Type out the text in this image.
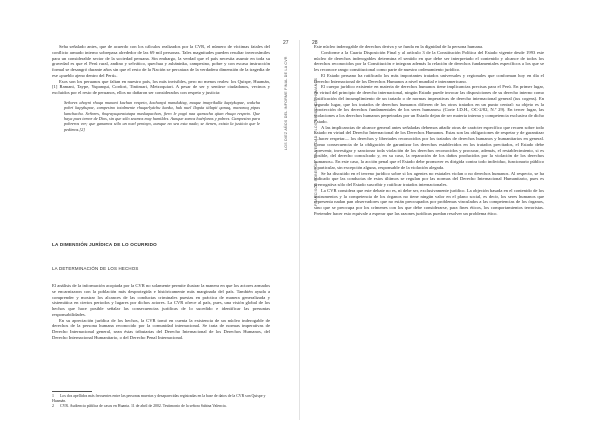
27
LOS DIEZ AÑOS DEL INFORME FINAL DE LA CVR

Seha señalado antes, que de acuerdo con los cálculos realizados por la CVR, el número de víctimas fatales del conflicto armado interno sobrepasa alrededor de las 69 mil personas. Tales magnitudes pueden resultar inverosímiles para un considerable sector de la sociedad peruana. Sin embargo, la verdad que el país necesita asumir en toda su gravedad es que el Perú rural, andino y selvático, quechua y asháninka, campesino, pobre y con escasa instrucción formal se desangró durante años sin que el resto de la Nación se percatara de la verdadera dimensión de la tragedia de ese «pueblo ajeno dentro del Perú».

Esos son los peruanos que faltan en nuestro país, los más invisibles, pero no menos reales: los Quispe, Huamán,[1] Ramani, Taype, Yupanqui, Cordori, Tintimari, Metzoquiari. A pesar de ser y sentirse ciudadanos, vecinos y excluidos por el resto de peruanos, ellos no dañaron ser considerados con respeto y justicia:

Señores ahayni rhuqa munani kachun respeto, kachunyá manduktuy, maqaz imayrikulla kaptykupae, wakcha pobri kapykupae, campesino totalmente rhuqarlyáchu kanku, huk nuel llapáa tálapti qanaq, manaraq pipas kanchachu. Señores, ñoqrayuqaratutapa maskapachan, fiero le pagó naa qamucha qitan rhuqa respeto. Que haya pues temor de Dios, sin que sólo seamos muy humildes. Aunque somos huérfanos y pobres. Campesino para pobreros ver; que ganamos sólo un nuel pentayo, aunque no sea esta nada; se tienen, exista la justicia que le pedimos.[2]

LA DIMENSIÓN JURÍDICA DE LO OCURRIDO
LA DETERMINACIÓN DE LOS HECHOS

El análisis de la información acopiada por la CVR no solamente permite ilustrar la manera en que los actores armados se encarnizaron con la población más desprotegida e históricamente más marginada del país. También ayuda a comprender y mostrar los alcances de las conductas criminales puestas en práctica de manera generalizada y sistemática en ciertos periodos y lugares por dichos actores. La CVR ofrece al país, pues, una visión global de los hechos que hace posible señalar las consecuencias jurídicas de lo sucedido e identificar las presuntas responsabilidades.

En su apreciación jurídica de los hechos, la CVR tomó en cuenta la existencia de un núcleo inderogable de derechos de la persona humana reconocido por la comunidad internacional. Se trata de normas imperativas de Derecho Internacional general, sean éstas tributarias del Derecho Internacional de los Derechos Humanos, del Derecho Internacional Humanitario, o del Derecho Penal Internacional.

1 Los dos apellidos más frecuentes entre las personas muertas y desaparecidas registradas en la base de datos de la CVR son Quispe y Huamán.
2 CVR. Audiencia pública de casos en Huanta. 11 de abril de 2002. Testimonio de la señora Sabina Valencia.
28
FRANCISCO SOBERÓN · LA VERDAD Y LOS DERECHOS HUMANOS

Este núcleo inderogable de derechos deriva y se funda en la dignidad de la persona humana.

Conforme a la Cuarta Disposición Final y al artículo 3 de la Constitución Política del Estado vigente desde 1993 este núcleo de derechos inderogables determina el sentido en que debe ser interpretado el contenido y alcance de todos los derechos reconocidos por la Constitución e integran además la relación de derechos fundamentales específicos a los que se les reconoce rango constitucional como parte de nuestro ordenamiento jurídico.

El Estado peruano ha ratificado los más importantes tratados universales y regionales que conforman hoy en día el Derecho Internacional de los Derechos Humanos a nivel mundial e interamericano.

El cuerpo jurídico existente en materia de derechos humanos tiene implicancias precisas para el Perú. En primer lugar, en virtud del principio de derecho internacional, ningún Estado puede invocar las disposiciones de su derecho interno como justificación del incumplimiento de un tratado o de normas imperativas de derecho internacional general (ius cogens). En segundo lugar, que los tratados de derechos humanos difieren de los otros tratados en un punto central: su objeto es la «protección de los derechos fundamentales de los seres humanos» (Corte I.D.H., OC-2/82, N.º 29). En tercer lugar, las violaciones a los derechos humanos perpetradas por un Estado dejan de ser materia interna y competencia exclusiva de dicho Estado.

A las implicancias de alcance general antes señaladas debemos añadir otras de carácter específico que recaen sobre todo Estado en virtud del Derecho Internacional de los Derechos Humanos. Estas son las obligaciones de respetar y de garantizar —hacer respetar— los derechos y libertades reconocidos por los tratados de derechos humanos y humanitarios en general. Como consecuencia de la obligación de garantizar los derechos establecidos en los tratados precitados, el Estado debe «prevenir, investigar y sancionar toda violación de los derechos reconocidos y procurar, además, el restablecimiento, si es posible, del derecho conculcado y, en su caso, la reparación de los daños producidos por la violación de los derechos humanos». En este caso, la acción penal que el Estado debe promover es dirigida contra todo individuo, funcionario público o particular, sin excepción alguna, responsable de la violación alegada.

Se ha discutido en el terreno jurídico sobre si los agentes no estatales violan o no derechos humanos. Al respecto, se ha indicado que las conductas de estos últimos se regulan por las normas del Derecho Internacional Humanitario, pues es prerrogativa sólo del Estado suscribir y ratificar tratados internacionales.

La CVR considera que este debate no es, ni debe ser, exclusivamente jurídico. La objeción basada en el contenido de los instrumentos y la competencia de los órganos no tiene ningún valor en el plano social, es decir, los seres humanos que representa nadan pan observadores que no están preocupados por problemas vinculados a las competencias de los órganos, sino que se preocupa por los crímenes con los que debe considerarse, para fines éticos, los comportamientos terroristas. Pretender hacer esto equivale a esperar que las razones jurídicas puedan resolver un problema ético.
